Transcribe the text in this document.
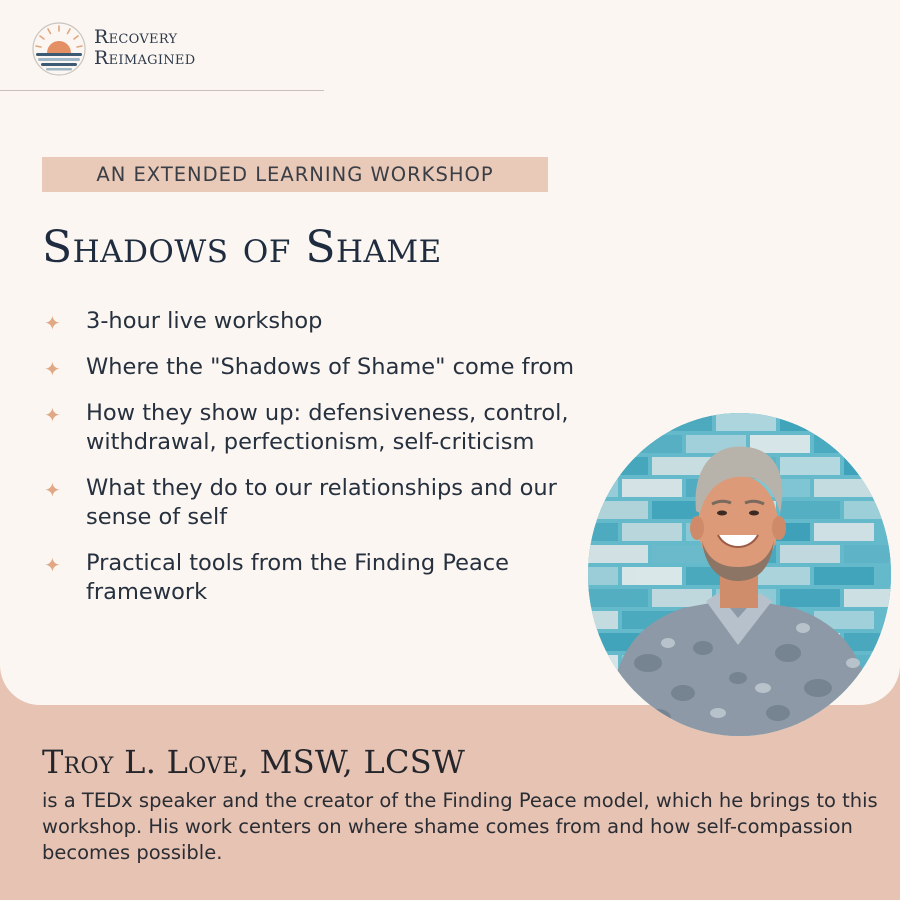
Recovery
Reimagined
AN EXTENDED LEARNING WORKSHOP
Shadows of Shame
✦ 3-hour live workshop
✦ Where the "Shadows of Shame" come from
✦ How they show up: defensiveness, control, withdrawal, perfectionism, self-criticism
✦ What they do to our relationships and our sense of self
✦ Practical tools from the Finding Peace framework
Troy L. Love, MSW, LCSW
is a TEDx speaker and the creator of the Finding Peace model, which he brings to this workshop. His work centers on where shame comes from and how self-compassion becomes possible.
